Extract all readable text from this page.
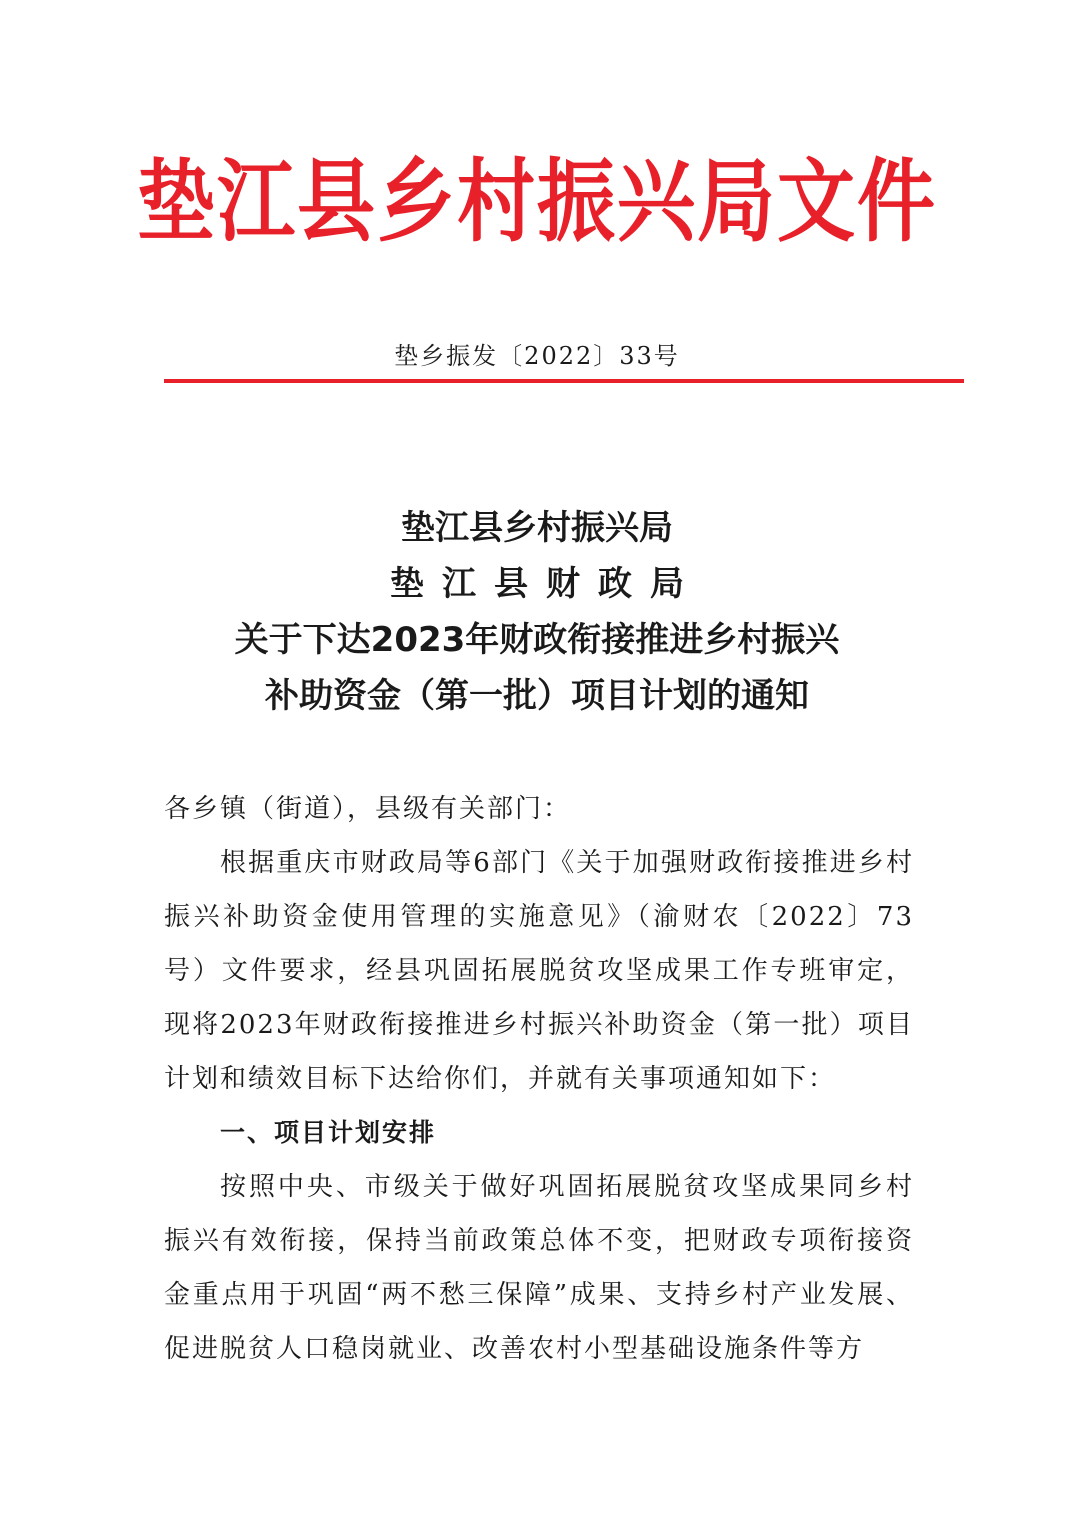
垫江县乡村振兴局文件
垫乡振发〔2022〕33号
垫江县乡村振兴局
垫江县财政局
关于下达2023年财政衔接推进乡村振兴
补助资金（第一批）项目计划的通知

各乡镇（街道），县级有关部门：

根据重庆市财政局等6部门《关于加强财政衔接推进乡村振兴补助资金使用管理的实施意见》（渝财农〔2022〕73号）文件要求，经县巩固拓展脱贫攻坚成果工作专班审定，现将2023年财政衔接推进乡村振兴补助资金（第一批）项目计划和绩效目标下达给你们，并就有关事项通知如下：

一、项目计划安排

按照中央、市级关于做好巩固拓展脱贫攻坚成果同乡村振兴有效衔接，保持当前政策总体不变，把财政专项衔接资金重点用于巩固“两不愁三保障”成果、支持乡村产业发展、促进脱贫人口稳岗就业、改善农村小型基础设施条件等方
